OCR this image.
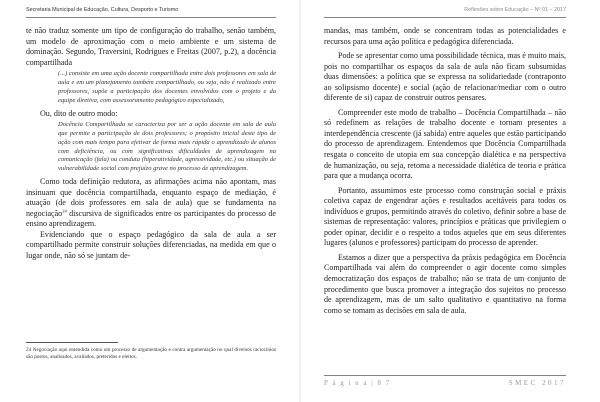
Secretaria Municipal de Educação, Cultura, Desporto e Turismo

te não traduz somente um tipo de configuração do trabalho, senão também, um modelo de aproximação com o meio ambiente e um sistema de dominação. Segundo, Traversini, Rodrigues e Freitas (2007, p.2), a docência compartilhada

(...) consiste em uma ação docente compartilhada entre dois professores em sala de aula e em um planejamento também compartilhado, ou seja, não é realizado entre professores, supõe a participação dos docentes envolvidos com o projeto e da equipe diretiva, com assessoramento pedagógico especializado,

Ou, dito de outro modo:

Docência Compartilhada se caracteriza por ser a ação docente em sala de aula que permite a participação de dois professores; o propósito inicial deste tipo de ação com mais tempo para efetivar de forma mais rápida o aprendizado de alunos com deficiência, ou com significativas dificuldades de aprendizagem na comunicação (fala) ou conduta (hiperatividade, agressividade, etc.) ou situação de vulnerabilidade social com prejuízo grave no processo de aprendizagem.

Como toda definição redutora, as afirmações acima não apontam, mas insinuam que docência compartilhada, enquanto espaço de mediação, é atuação (de dois professores em sala de aula) que se fundamenta na negociação$^{24}$ discursiva de significados entre os participantes do processo de ensino aprendizagem.

Evidenciando que o espaço pedagógico da sala de aula a ser compartilhado permite construir soluções diferenciadas, na medida em que o lugar onde, não só se juntam de-

24 Negociação aqui entendida como um processo de argumentação e contra argumentação no qual diversos raciocínios são postos, analisados, avaliados, preteridos e eleitos.
Reflexões sobre Educação – Nº 01 – 2017

mandas, mas também, onde se concentram todas as potencialidades e recursos para uma ação política e pedagógica diferenciada.

Pode se apresentar como uma possibilidade técnica, mas é muito mais, pois no compartilhar os espaços da sala de aula não ficam subsumidas duas dimensões: a política que se expressa na solidariedade (contraponto ao solipsismo docente) e social (ação de relacionar/mediar com o outro diferente de si) capaz de construir outros pensares.

Compreender este modo de trabalho – Docência Compartilhada – não só redefinem as relações de trabalho docente e tornam presentes a interdependência crescente (já sabida) entre aqueles que estão participando do processo de aprendizagem. Entendemos que Docência Compartilhada resgata o conceito de utopia em sua concepção dialética e na perspectiva de humanização, ou seja, retoma a necessidade dialética de teoria e prática para que a mudança ocorra.

Portanto, assumimos este processo como construção social e práxis coletiva capaz de engendrar ações e resultados aceitáveis para todos os indivíduos e grupos, permitindo através do coletivo, definir sobre a base de sistemas de representação: valores, princípios e práticas que privilegiem o poder opinar, decidir e o respeito a todos aqueles que em seus diferentes lugares (alunos e professores) participam do processo de aprender.

Estamos a dizer que a perspectiva da práxis pedagógica em Docência Compartilhada vai além do compreender o agir docente como simples democratização dos espaços de trabalho; não se trata de um conjunto de procedimento que busca promover a integração dos sujeitos no processo de aprendizagem, mas de um salto qualitativo e quantitativo na forma como se tomam as decisões em sala de aula.

P á g i n a | 8 7	SMEC 2017
